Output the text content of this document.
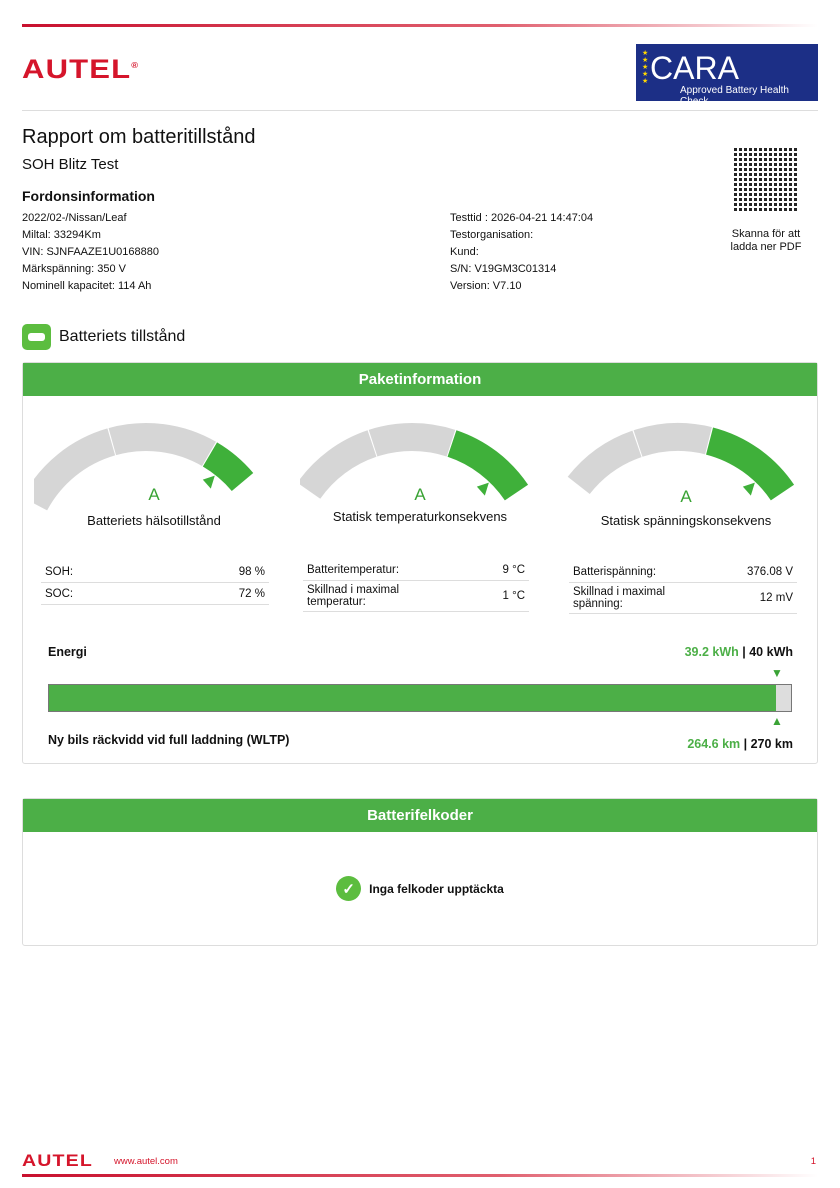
AUTEL®
★ ★ ★ ★ ★ CARA
Approved Battery Health Check
Rapport om batteritillstånd
SOH Blitz Test
Fordonsinformation
2022/02-/Nissan/Leaf
Miltal: 33294Km
VIN: SJNFAAZE1U0168880
Märkspänning: 350 V
Nominell kapacitet: 114 Ah
Testtid : 2026-04-21 14:47:04
Testorganisation:
Kund:
S/N: V19GM3C01314
Version: V7.10
Skanna för att ladda ner PDF
Batteriets tillstånd
Paketinformation
A
Batteriets hälsotillstånd
A
Statisk temperaturkonsekvens
A
Statisk spänningskonsekvens
SOH:	98 %
SOC:	72 %
Batteritemperatur:	9 °C
Skillnad i maximal temperatur:	1 °C
Batterispänning:	376.08 V
Skillnad i maximal spänning:	12 mV
Energi	39.2 kWh | 40 kWh
▼
▲
Ny bils räckvidd vid full laddning (WLTP)	264.6 km | 270 km
Batterifelkoder
✓	Inga felkoder upptäckta
AUTEL www.autel.com	1
